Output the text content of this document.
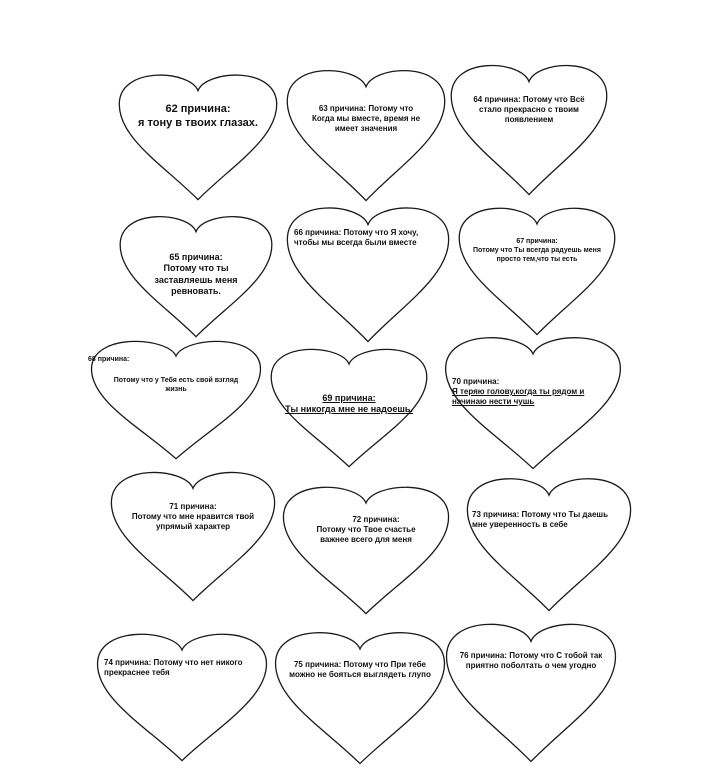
62 причина:
я тону в твоих глазах.
63 причина: Потому что Когда мы вместе, время не имеет значения
64 причина: Потому что Всё стало прекрасно с твоим появлением
65 причина:
Потому что ты заставляешь меня ревновать.
66 причина: Потому что Я хочу, чтобы мы всегда были вместе	67 причина:
Потому что Ты всегда радуешь меня просто тем,что ты есть
68 причина:
Потому что у Тебя есть свой взгляд жизнь
69 причина:
Ты никогда мне не надоешь.
70 причина:
Я теряю голову,когда ты рядом и начинаю нести чушь
71 причина:
Потому что мне нравится твой упрямый характер
72 причина:
Потому что Твое счастье важнее всего для меня
73 причина: Потому что Ты даешь мне уверенность в себе
74 причина: Потому что нет никого прекраснее тебя
75 причина: Потому что При тебе можно не бояться выглядеть глупо
76 причина: Потому что С тобой так приятно поболтать о чем угодно
